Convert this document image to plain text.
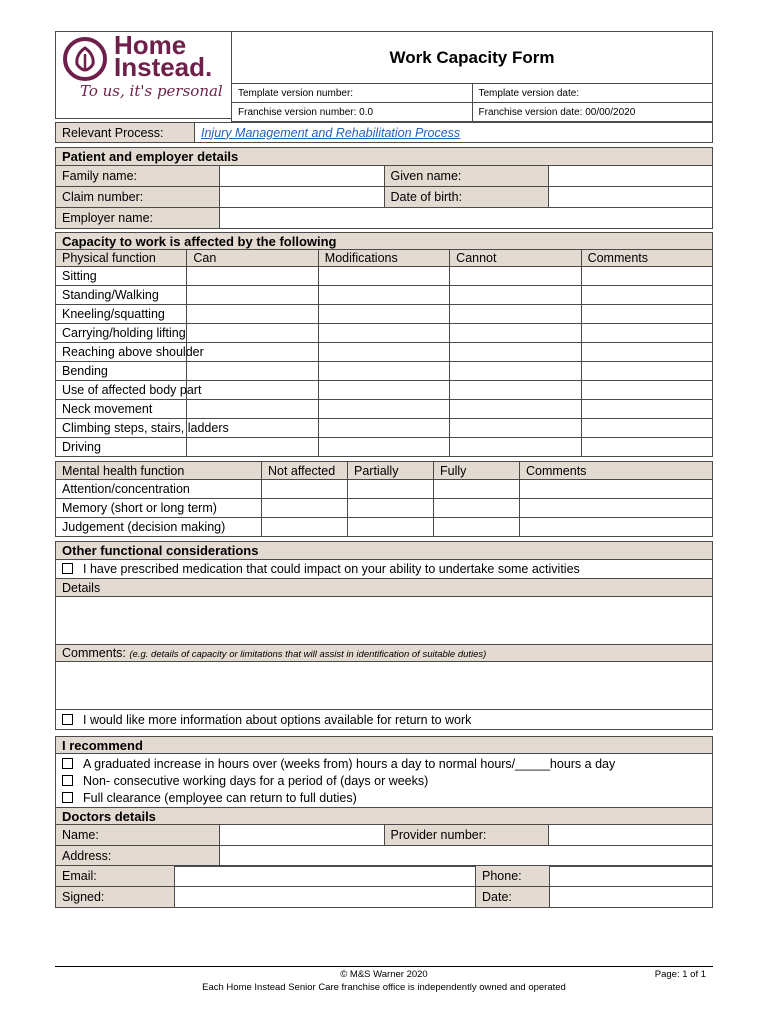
Home
Instead.
To us, it's personal
Work Capacity Form	
Template version number:	Template version date:
Franchise version number: 0.0	Franchise version date: 00/00/2020
Relevant Process:	Injury Management and Rehabilitation Process
Patient and employer details			
Family name:		Given name:	
Claim number:		Date of birth:	
Employer name:			
Capacity to work is affected by the following				
Physical function	Can	Modifications	Cannot	Comments
Sitting				
Standing/Walking				
Kneeling/squatting				
Carrying/holding lifting				
Reaching above shoulder				
Bending				
Use of affected body part				
Neck movement				
Climbing steps, stairs, ladders				
Driving				
Mental health function	Not affected	Partially	Fully	Comments
Attention/concentration				
Memory (short or long term)				
Judgement (decision making)				
Other functional considerations
I have prescribed medication that could impact on your ability to undertake some activities
Details

Comments: (e.g. details of capacity or limitations that will assist in identification of suitable duties)

I would like more information about options available for return to work
I recommend

A graduated increase in hours over (weeks from) hours a day to normal hours/_____hours a day
Non- consecutive working days for a period of (days or weeks)
Full clearance (employee can return to full duties)
Doctors details			
Name:		Provider number:	
Address:			
Email:		Phone:	
Signed:		Date:	
© M&S Warner 2020	Page: 1 of 1
Each Home Instead Senior Care franchise office is independently owned and operated
